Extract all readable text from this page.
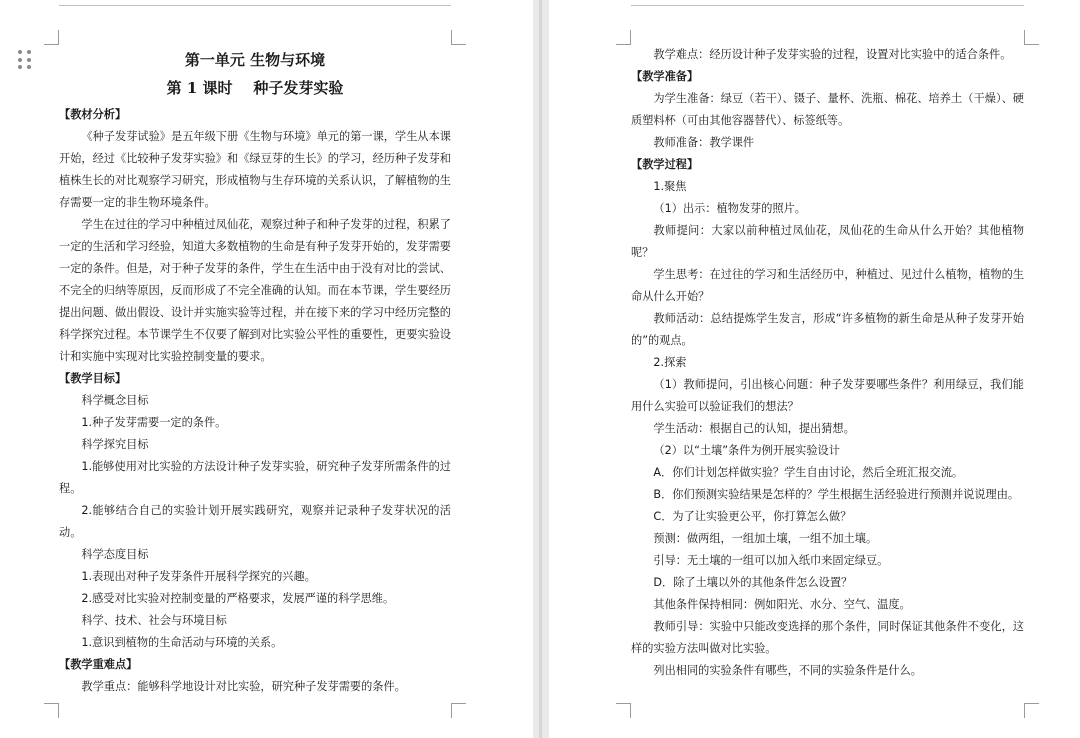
第一单元 生物与环境
第 1 课时    种子发芽实验
【教材分析】
《种子发芽试验》是五年级下册《生物与环境》单元的第一课，学生从本课开始，经过《比较种子发芽实验》和《绿豆芽的生长》的学习，经历种子发芽和植株生长的对比观察学习研究，形成植物与生存环境的关系认识，了解植物的生存需要一定的非生物环境条件。
学生在过往的学习中种植过凤仙花，观察过种子和种子发芽的过程，积累了一定的生活和学习经验，知道大多数植物的生命是有种子发芽开始的，发芽需要一定的条件。但是，对于种子发芽的条件，学生在生活中由于没有对比的尝试、不完全的归纳等原因，反而形成了不完全准确的认知。而在本节课，学生要经历提出问题、做出假设、设计并实施实验等过程，并在接下来的学习中经历完整的科学探究过程。本节课学生不仅要了解到对比实验公平性的重要性，更要实验设计和实施中实现对比实验控制变量的要求。
【教学目标】
科学概念目标
1.种子发芽需要一定的条件。
科学探究目标
1.能够使用对比实验的方法设计种子发芽实验，研究种子发芽所需条件的过程。
2.能够结合自己的实验计划开展实践研究，观察并记录种子发芽状况的活动。
科学态度目标
1.表现出对种子发芽条件开展科学探究的兴趣。
2.感受对比实验对控制变量的严格要求，发展严谨的科学思维。
科学、技术、社会与环境目标
1.意识到植物的生命活动与环境的关系。
【教学重难点】
教学重点：能够科学地设计对比实验，研究种子发芽需要的条件。
教学难点：经历设计种子发芽实验的过程，设置对比实验中的适合条件。
【教学准备】
为学生准备：绿豆（若干）、镊子、量杯、洗瓶、棉花、培养土（干燥）、硬质塑料杯（可由其他容器替代）、标签纸等。
教师准备：教学课件
【教学过程】
1.聚焦
（1）出示：植物发芽的照片。
教师提问：大家以前种植过凤仙花，凤仙花的生命从什么开始？其他植物呢？
学生思考：在过往的学习和生活经历中，种植过、见过什么植物，植物的生命从什么开始？
教师活动：总结提炼学生发言，形成“许多植物的新生命是从种子发芽开始的”的观点。
2.探索
（1）教师提问，引出核心问题：种子发芽要哪些条件？利用绿豆，我们能用什么实验可以验证我们的想法？
学生活动：根据自己的认知，提出猜想。
（2）以“土壤”条件为例开展实验设计
A．你们计划怎样做实验？学生自由讨论，然后全班汇报交流。
B．你们预测实验结果是怎样的？学生根据生活经验进行预测并说说理由。
C．为了让实验更公平，你打算怎么做？
预测：做两组，一组加土壤，一组不加土壤。
引导：无土壤的一组可以加入纸巾来固定绿豆。
D．除了土壤以外的其他条件怎么设置？
其他条件保持相同：例如阳光、水分、空气、温度。
教师引导：实验中只能改变选择的那个条件，同时保证其他条件不变化，这样的实验方法叫做对比实验。
列出相同的实验条件有哪些，不同的实验条件是什么。
